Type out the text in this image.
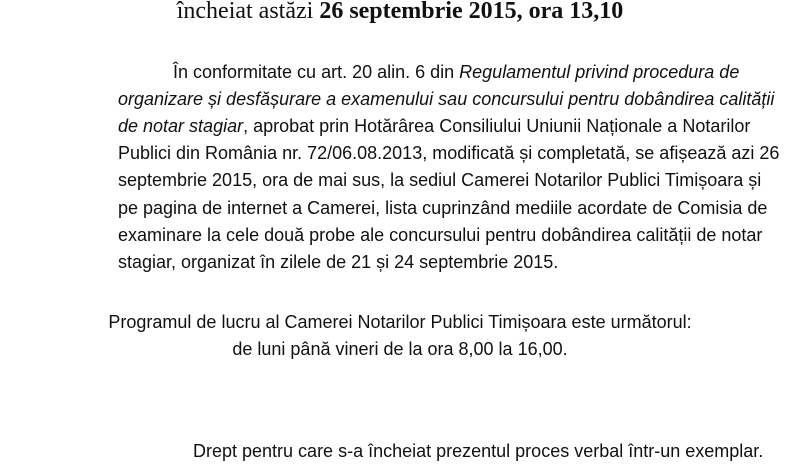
încheiat astăzi 26 septembrie 2015, ora 13,10
În conformitate cu art. 20 alin. 6 din Regulamentul privind procedura de
organizare și desfășurare a examenului sau concursului pentru dobândirea calității
de notar stagiar, aprobat prin Hotărârea Consiliului Uniunii Naționale a Notarilor
Publici din România nr. 72/06.08.2013, modificată și completată, se afișează azi 26
septembrie 2015, ora de mai sus, la sediul Camerei Notarilor Publici Timișoara și
pe pagina de internet a Camerei, lista cuprinzând mediile acordate de Comisia de
examinare la cele două probe ale concursului pentru dobândirea calității de notar
stagiar, organizat în zilele de 21 și 24 septembrie 2015.
Programul de lucru al Camerei Notarilor Publici Timișoara este următorul:
de luni până vineri de la ora 8,00 la 16,00.
Drept pentru care s-a încheiat prezentul proces verbal într-un exemplar.
